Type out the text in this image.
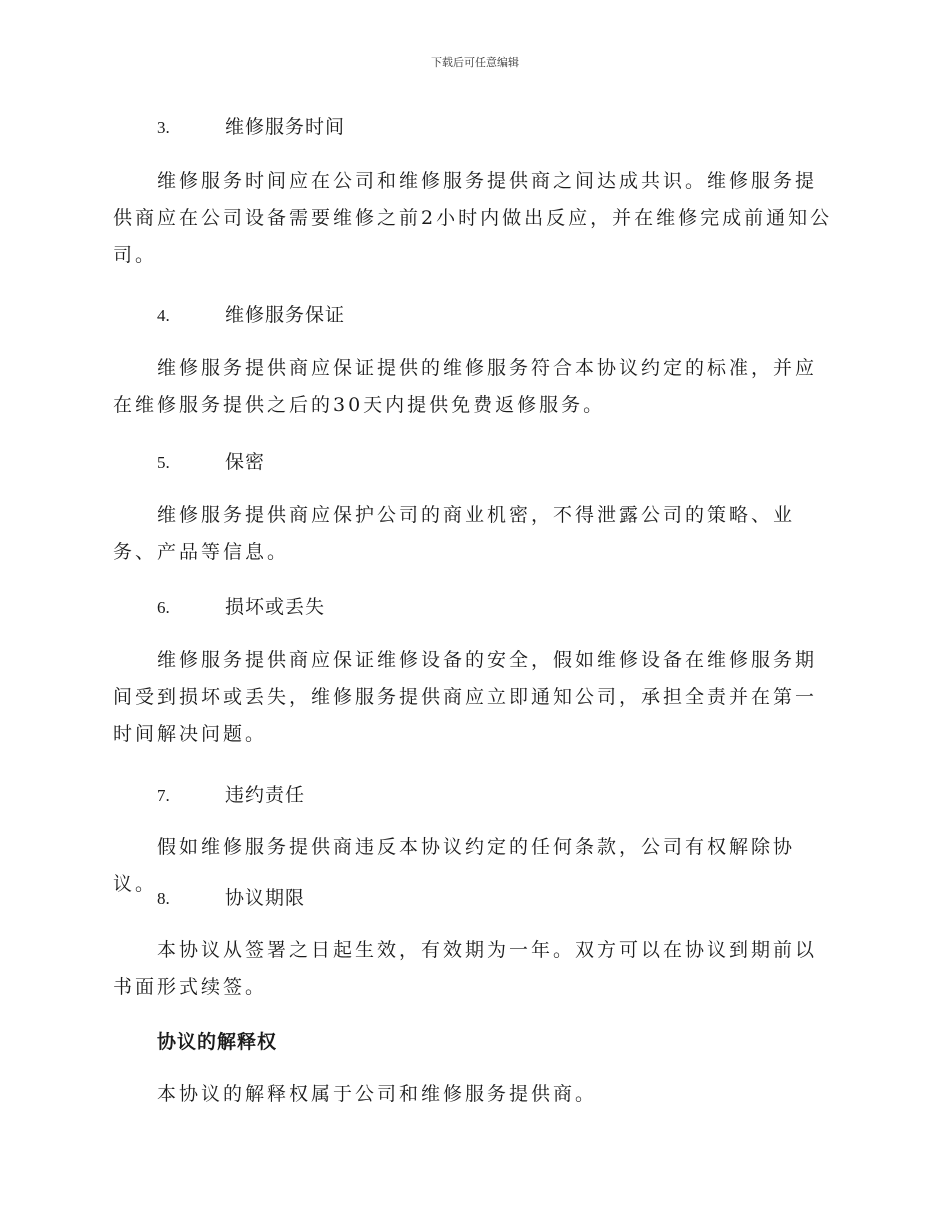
下载后可任意编辑
3.	维修服务时间

维修服务时间应在公司和维修服务提供商之间达成共识。维修服务提供商应在公司设备需要维修之前2小时内做出反应，并在维修完成前通知公司。

4.	维修服务保证

维修服务提供商应保证提供的维修服务符合本协议约定的标准，并应在维修服务提供之后的30天内提供免费返修服务。

5.	保密

维修服务提供商应保护公司的商业机密，不得泄露公司的策略、业务、产品等信息。

6.	损坏或丢失

维修服务提供商应保证维修设备的安全，假如维修设备在维修服务期间受到损坏或丢失，维修服务提供商应立即通知公司，承担全责并在第一时间解决问题。

7.	违约责任

假如维修服务提供商违反本协议约定的任何条款，公司有权解除协议。

8.	协议期限

本协议从签署之日起生效，有效期为一年。双方可以在协议到期前以书面形式续签。

协议的解释权

本协议的解释权属于公司和维修服务提供商。
